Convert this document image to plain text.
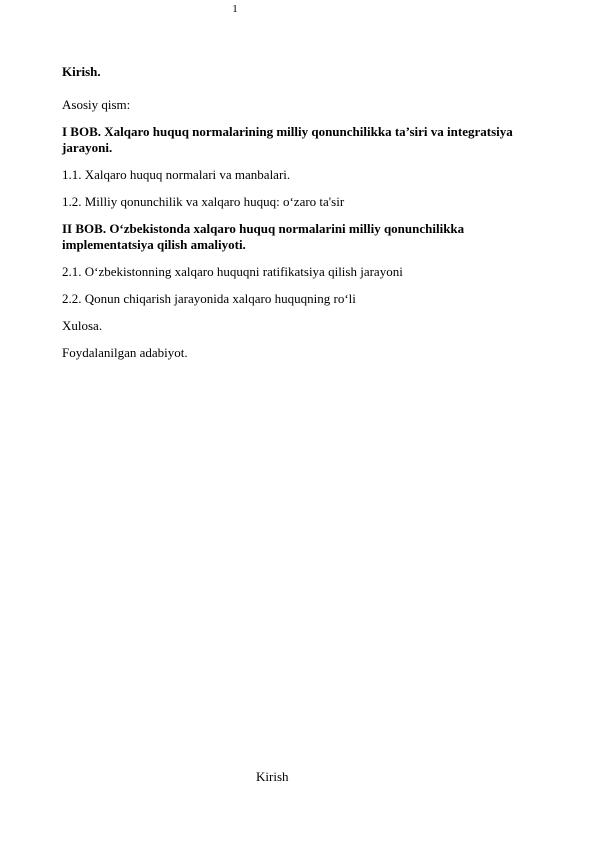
1
Kirish.
Asosiy qism:
I BOB. Xalqaro huquq normalarining milliy qonunchilikka ta’siri va integratsiya jarayoni.
1.1. Xalqaro huquq normalari va manbalari.
1.2. Milliy qonunchilik va xalqaro huquq: o‘zaro ta'sir
II BOB. O‘zbekistonda xalqaro huquq normalarini milliy qonunchilikka implementatsiya qilish amaliyoti.
2.1. O‘zbekistonning xalqaro huquqni ratifikatsiya qilish jarayoni
2.2. Qonun chiqarish jarayonida xalqaro huquqning ro‘li
Xulosa.
Foydalanilgan adabiyot.
Kirish
